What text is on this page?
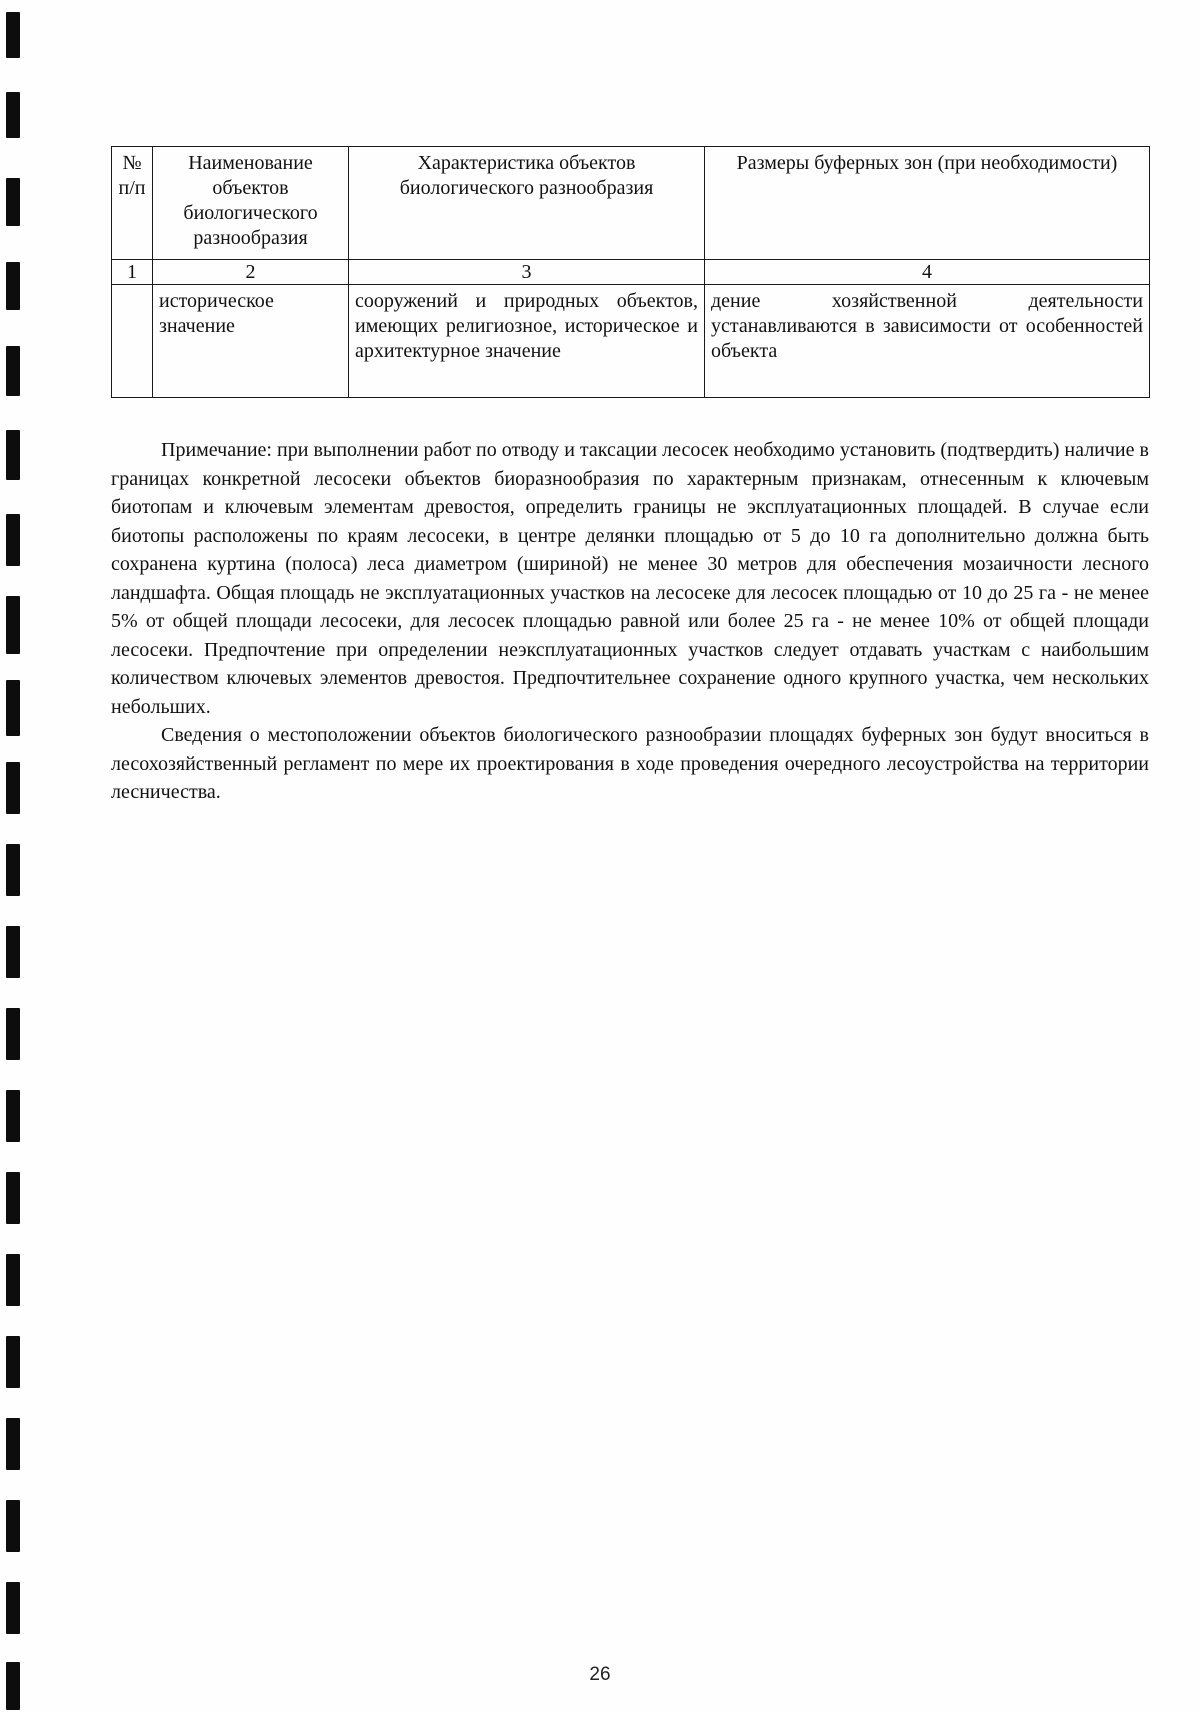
№ п/п	Наименование объектов биологического разнообразия	Характеристика объектов биологического разнообразия	Размеры буферных зон (при необходимости)
1	2	3	4
	историческое значение	сооружений и природных объектов, имеющих религиозное, историческое и архитектурное значение	дение хозяйственной деятельности устанавливаются в зависимости от особенностей объекта

Примечание: при выполнении работ по отводу и таксации лесосек необходимо установить (подтвердить) наличие в границах конкретной лесосеки объектов биоразнообразия по характерным признакам, отнесенным к ключевым биотопам и ключевым элементам древостоя, определить границы не эксплуатационных площадей. В случае если биотопы расположены по краям лесосеки, в центре делянки площадью от 5 до 10 га дополнительно должна быть сохранена куртина (полоса) леса диаметром (шириной) не менее 30 метров для обеспечения мозаичности лесного ландшафта. Общая площадь не эксплуатационных участков на лесосеке для лесосек площадью от 10 до 25 га - не менее 5% от общей площади лесосеки, для лесосек площадью равной или более 25 га - не менее 10% от общей площади лесосеки. Предпочтение при определении неэксплуатационных участков следует отдавать участкам с наибольшим количеством ключевых элементов древостоя. Предпочтительнее сохранение одного крупного участка, чем нескольких небольших.

Сведения о местоположении объектов биологического разнообразии площадях буферных зон будут вноситься в лесохозяйственный регламент по мере их проектирования в ходе проведения очередного лесоустройства на территории лесничества.

26
